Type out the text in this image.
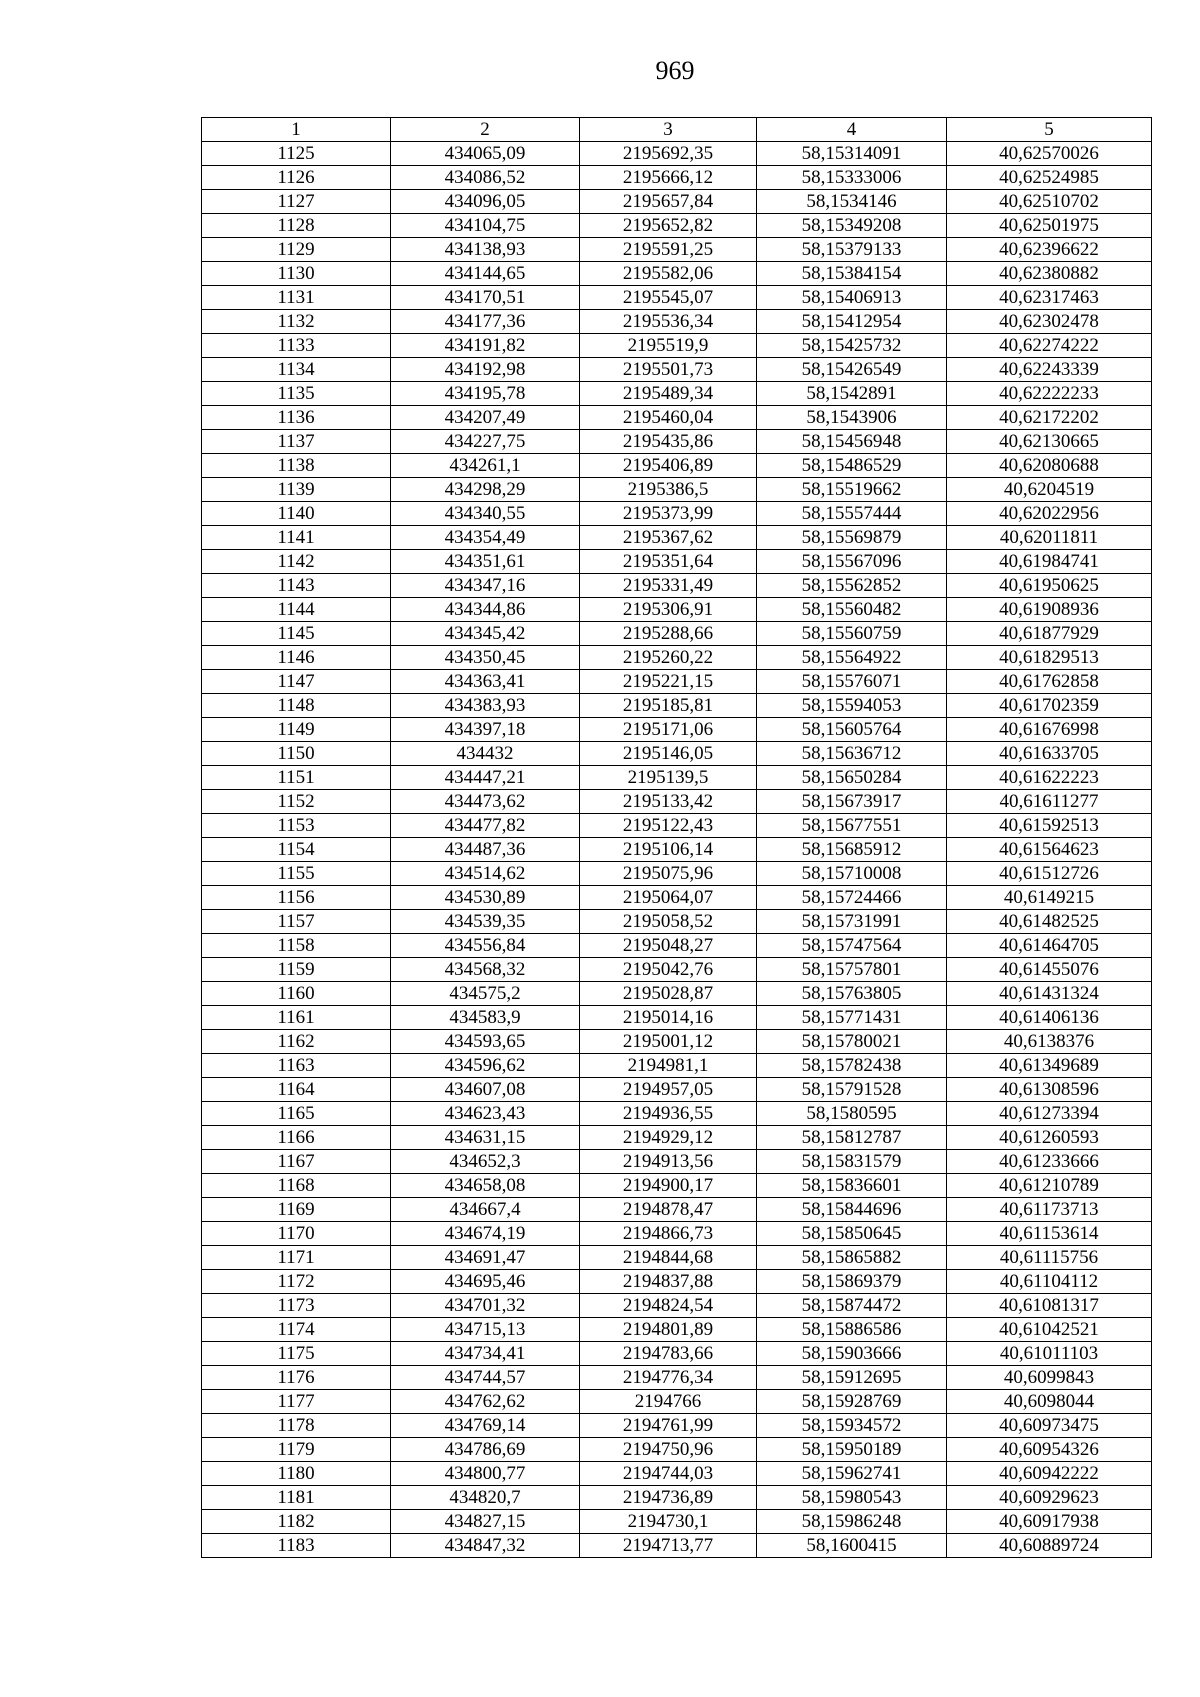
969
1	2	3	4	5
1125	434065,09	2195692,35	58,15314091	40,62570026
1126	434086,52	2195666,12	58,15333006	40,62524985
1127	434096,05	2195657,84	58,1534146	40,62510702
1128	434104,75	2195652,82	58,15349208	40,62501975
1129	434138,93	2195591,25	58,15379133	40,62396622
1130	434144,65	2195582,06	58,15384154	40,62380882
1131	434170,51	2195545,07	58,15406913	40,62317463
1132	434177,36	2195536,34	58,15412954	40,62302478
1133	434191,82	2195519,9	58,15425732	40,62274222
1134	434192,98	2195501,73	58,15426549	40,62243339
1135	434195,78	2195489,34	58,1542891	40,62222233
1136	434207,49	2195460,04	58,1543906	40,62172202
1137	434227,75	2195435,86	58,15456948	40,62130665
1138	434261,1	2195406,89	58,15486529	40,62080688
1139	434298,29	2195386,5	58,15519662	40,6204519
1140	434340,55	2195373,99	58,15557444	40,62022956
1141	434354,49	2195367,62	58,15569879	40,62011811
1142	434351,61	2195351,64	58,15567096	40,61984741
1143	434347,16	2195331,49	58,15562852	40,61950625
1144	434344,86	2195306,91	58,15560482	40,61908936
1145	434345,42	2195288,66	58,15560759	40,61877929
1146	434350,45	2195260,22	58,15564922	40,61829513
1147	434363,41	2195221,15	58,15576071	40,61762858
1148	434383,93	2195185,81	58,15594053	40,61702359
1149	434397,18	2195171,06	58,15605764	40,61676998
1150	434432	2195146,05	58,15636712	40,61633705
1151	434447,21	2195139,5	58,15650284	40,61622223
1152	434473,62	2195133,42	58,15673917	40,61611277
1153	434477,82	2195122,43	58,15677551	40,61592513
1154	434487,36	2195106,14	58,15685912	40,61564623
1155	434514,62	2195075,96	58,15710008	40,61512726
1156	434530,89	2195064,07	58,15724466	40,6149215
1157	434539,35	2195058,52	58,15731991	40,61482525
1158	434556,84	2195048,27	58,15747564	40,61464705
1159	434568,32	2195042,76	58,15757801	40,61455076
1160	434575,2	2195028,87	58,15763805	40,61431324
1161	434583,9	2195014,16	58,15771431	40,61406136
1162	434593,65	2195001,12	58,15780021	40,6138376
1163	434596,62	2194981,1	58,15782438	40,61349689
1164	434607,08	2194957,05	58,15791528	40,61308596
1165	434623,43	2194936,55	58,1580595	40,61273394
1166	434631,15	2194929,12	58,15812787	40,61260593
1167	434652,3	2194913,56	58,15831579	40,61233666
1168	434658,08	2194900,17	58,15836601	40,61210789
1169	434667,4	2194878,47	58,15844696	40,61173713
1170	434674,19	2194866,73	58,15850645	40,61153614
1171	434691,47	2194844,68	58,15865882	40,61115756
1172	434695,46	2194837,88	58,15869379	40,61104112
1173	434701,32	2194824,54	58,15874472	40,61081317
1174	434715,13	2194801,89	58,15886586	40,61042521
1175	434734,41	2194783,66	58,15903666	40,61011103
1176	434744,57	2194776,34	58,15912695	40,6099843
1177	434762,62	2194766	58,15928769	40,6098044
1178	434769,14	2194761,99	58,15934572	40,60973475
1179	434786,69	2194750,96	58,15950189	40,60954326
1180	434800,77	2194744,03	58,15962741	40,60942222
1181	434820,7	2194736,89	58,15980543	40,60929623
1182	434827,15	2194730,1	58,15986248	40,60917938
1183	434847,32	2194713,77	58,1600415	40,60889724
